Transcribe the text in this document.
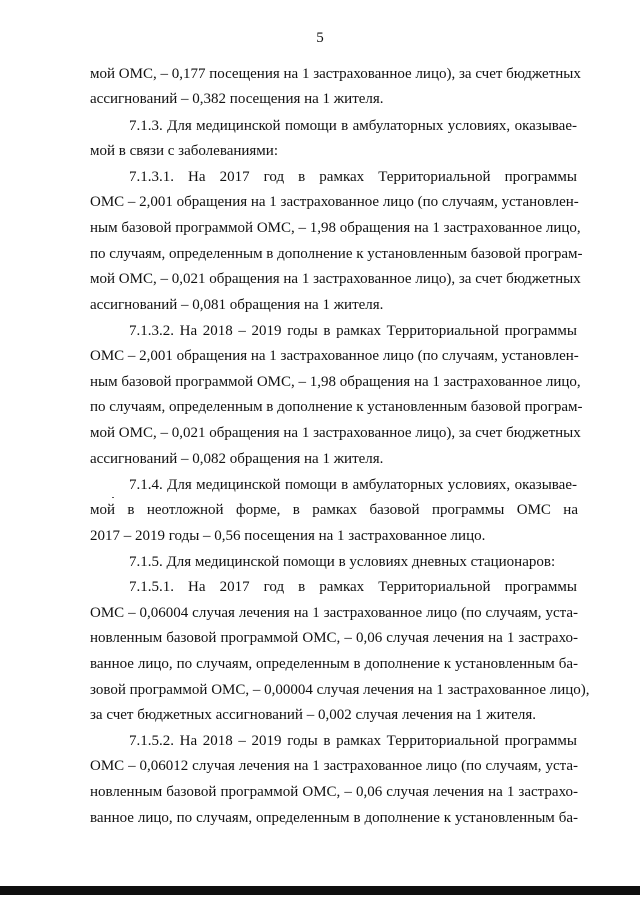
5
мой ОМС, – 0,177 посещения на 1 застрахованное лицо), за счет бюджетных
ассигнований – 0,382 посещения на 1 жителя.
7.1.3. Для медицинской помощи в амбулаторных условиях, оказывае-
мой в связи с заболеваниями:
7.1.3.1. На 2017 год в рамках Территориальной программы
ОМС – 2,001 обращения на 1 застрахованное лицо (по случаям, установлен-
ным базовой программой ОМС, – 1,98 обращения на 1 застрахованное лицо,
по случаям, определенным в дополнение к установленным базовой програм-
мой ОМС, – 0,021 обращения на 1 застрахованное лицо), за счет бюджетных
ассигнований – 0,081 обращения на 1 жителя.
7.1.3.2. На 2018 – 2019 годы в рамках Территориальной программы
ОМС – 2,001 обращения на 1 застрахованное лицо (по случаям, установлен-
ным базовой программой ОМС, – 1,98 обращения на 1 застрахованное лицо,
по случаям, определенным в дополнение к установленным базовой програм-
мой ОМС, – 0,021 обращения на 1 застрахованное лицо), за счет бюджетных
ассигнований – 0,082 обращения на 1 жителя.
7.1.4. Для медицинской помощи в амбулаторных условиях, оказывае-
мой в неотложной форме, в рамках базовой программы ОМС на
2017 – 2019 годы – 0,56 посещения на 1 застрахованное лицо.
7.1.5. Для медицинской помощи в условиях дневных стационаров:
7.1.5.1. На 2017 год в рамках Территориальной программы
ОМС – 0,06004 случая лечения на 1 застрахованное лицо (по случаям, уста-
новленным базовой программой ОМС, – 0,06 случая лечения на 1 застрахо-
ванное лицо, по случаям, определенным в дополнение к установленным ба-
зовой программой ОМС, – 0,00004 случая лечения на 1 застрахованное лицо),
за счет бюджетных ассигнований – 0,002 случая лечения на 1 жителя.
7.1.5.2. На 2018 – 2019 годы в рамках Территориальной программы
ОМС – 0,06012 случая лечения на 1 застрахованное лицо (по случаям, уста-
новленным базовой программой ОМС, – 0,06 случая лечения на 1 застрахо-
ванное лицо, по случаям, определенным в дополнение к установленным ба-
